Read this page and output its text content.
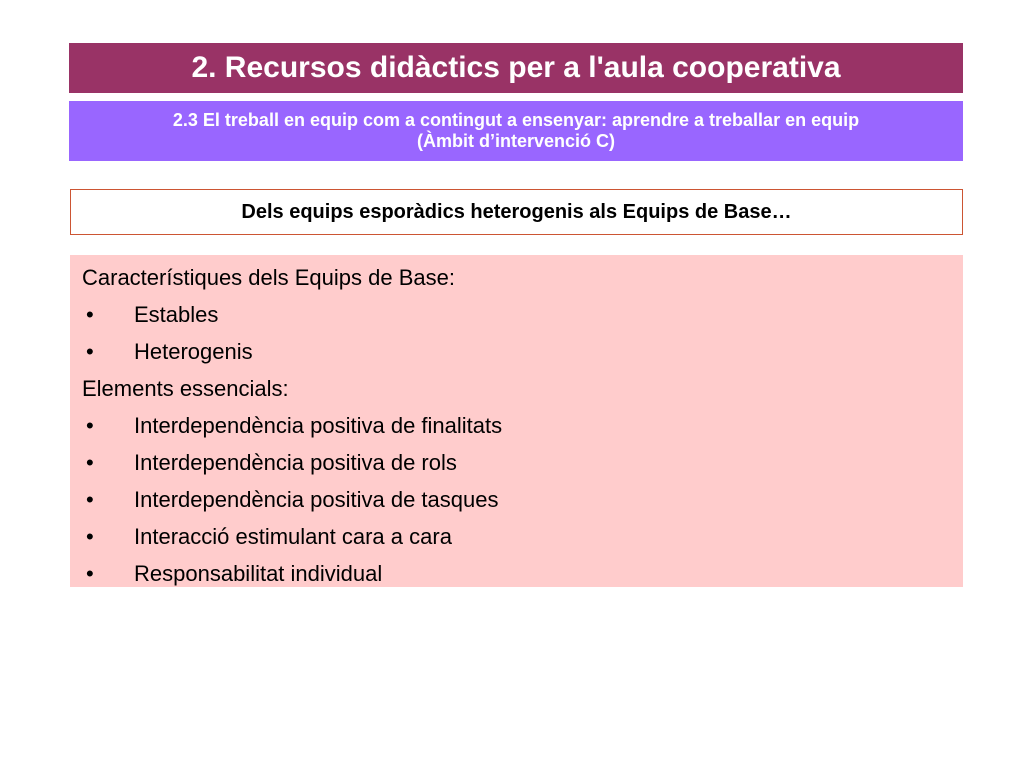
2. Recursos didàctics per a l'aula cooperativa
2.3 El treball en equip com a contingut a ensenyar: aprendre a treballar en equip
(Àmbit d’intervenció C)
Dels equips esporàdics heterogenis als Equips de Base…
Característiques dels Equips de Base:
•	Estables
•	Heterogenis
Elements essencials:
•	Interdependència positiva de finalitats
•	Interdependència positiva de rols
•	Interdependència positiva de tasques
•	Interacció estimulant cara a cara
•	Responsabilitat individual
